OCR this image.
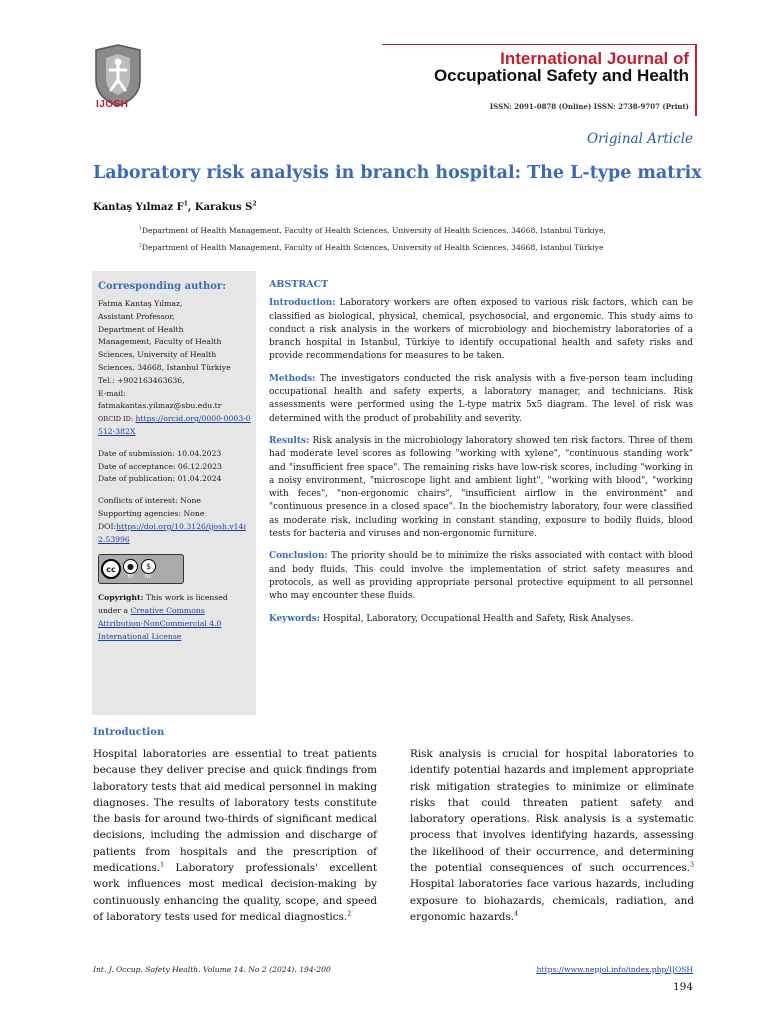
IJOSH
International Journal of
Occupational Safety and Health
ISSN: 2091-0878 (Online) ISSN: 2738-9707 (Print)
Original Article
Laboratory risk analysis in branch hospital: The L-type matrix
Kantaş Yılmaz $F^1$, Karakus $S^2$
$^1$Department of Health Management, Faculty of Health Sciences, University of Health Sciences, 34668, Istanbul Türkiye,
$^2$Department of Health Management, Faculty of Health Sciences, University of Health Sciences, 34668, Istanbul Türkiye
Corresponding author:
Fatma Kantaş Yılmaz,
Assistant Professor,
Department of Health
Management, Faculty of Health
Sciences, University of Health
Sciences, 34668, Istanbul Türkiye
Tel.: +902163463636,
E-mail:
fatmakantas.yilmaz@sbu.edu.tr
ORCID ID: https://orcid.org/0000-0003-0512-382X
Date of submission: 10.04.2023
Date of acceptance: 06.12.2023
Date of publication: 01.04.2024
Conflicts of interest: None
Supporting agencies: None
DOI:https://doi.org/10.3126/ijosh.v14i2.53996
cc	●
BY
$
NC
Copyright: This work is licensed under a Creative Commons Attribution-NonCommercial 4.0 International License
ABSTRACT

Introduction: Laboratory workers are often exposed to various risk factors, which can be classified as biological, physical, chemical, psychosocial, and ergonomic. This study aims to conduct a risk analysis in the workers of microbiology and biochemistry laboratories of a branch hospital in Istanbul, Türkiye to identify occupational health and safety risks and provide recommendations for measures to be taken.

Methods: The investigators conducted the risk analysis with a five-person team including occupational health and safety experts, a laboratory manager, and technicians. Risk assessments were performed using the L-type matrix 5x5 diagram. The level of risk was determined with the product of probability and severity.

Results: Risk analysis in the microbiology laboratory showed ten risk factors. Three of them had moderate level scores as following "working with xylene", “continuous standing work" and "insufficient free space". The remaining risks have low-risk scores, including "working in a noisy environment, "microscope light and ambient light", "working with blood", "working with feces", "non-ergonomic chairs", "insufficient airflow in the environment" and "continuous presence in a closed space". In the biochemistry laboratory, four were classified as moderate risk, including working in constant standing, exposure to bodily fluids, blood tests for bacteria and viruses and non-ergonomic furniture.

Conclusion: The priority should be to minimize the risks associated with contact with blood and body fluids. This could involve the implementation of strict safety measures and protocols, as well as providing appropriate personal protective equipment to all personnel who may encounter these fluids.

Keywords: Hospital, Laboratory, Occupational Health and Safety, Risk Analyses.

Introduction
Hospital laboratories are essential to treat patients because they deliver precise and quick findings from laboratory tests that aid medical personnel in making diagnoses. The results of laboratory tests constitute the basis for around two-thirds of significant medical decisions, including the admission and discharge of patients from hospitals and the prescription of medications.$^1$ Laboratory professionals' excellent work influences most medical decision-making by continuously enhancing the quality, scope, and speed of laboratory tests used for medical diagnostics.$^2$
Risk analysis is crucial for hospital laboratories to identify potential hazards and implement appropriate risk mitigation strategies to minimize or eliminate risks that could threaten patient safety and laboratory operations. Risk analysis is a systematic process that involves identifying hazards, assessing the likelihood of their occurrence, and determining the potential consequences of such occurrences.$^3$ Hospital laboratories face various hazards, including exposure to biohazards, chemicals, radiation, and ergonomic hazards.$^4$
Int. J. Occup. Safety Health. Volume 14. No 2 (2024). 194-200	https://www.nepjol.info/index.php/IJOSH
194
